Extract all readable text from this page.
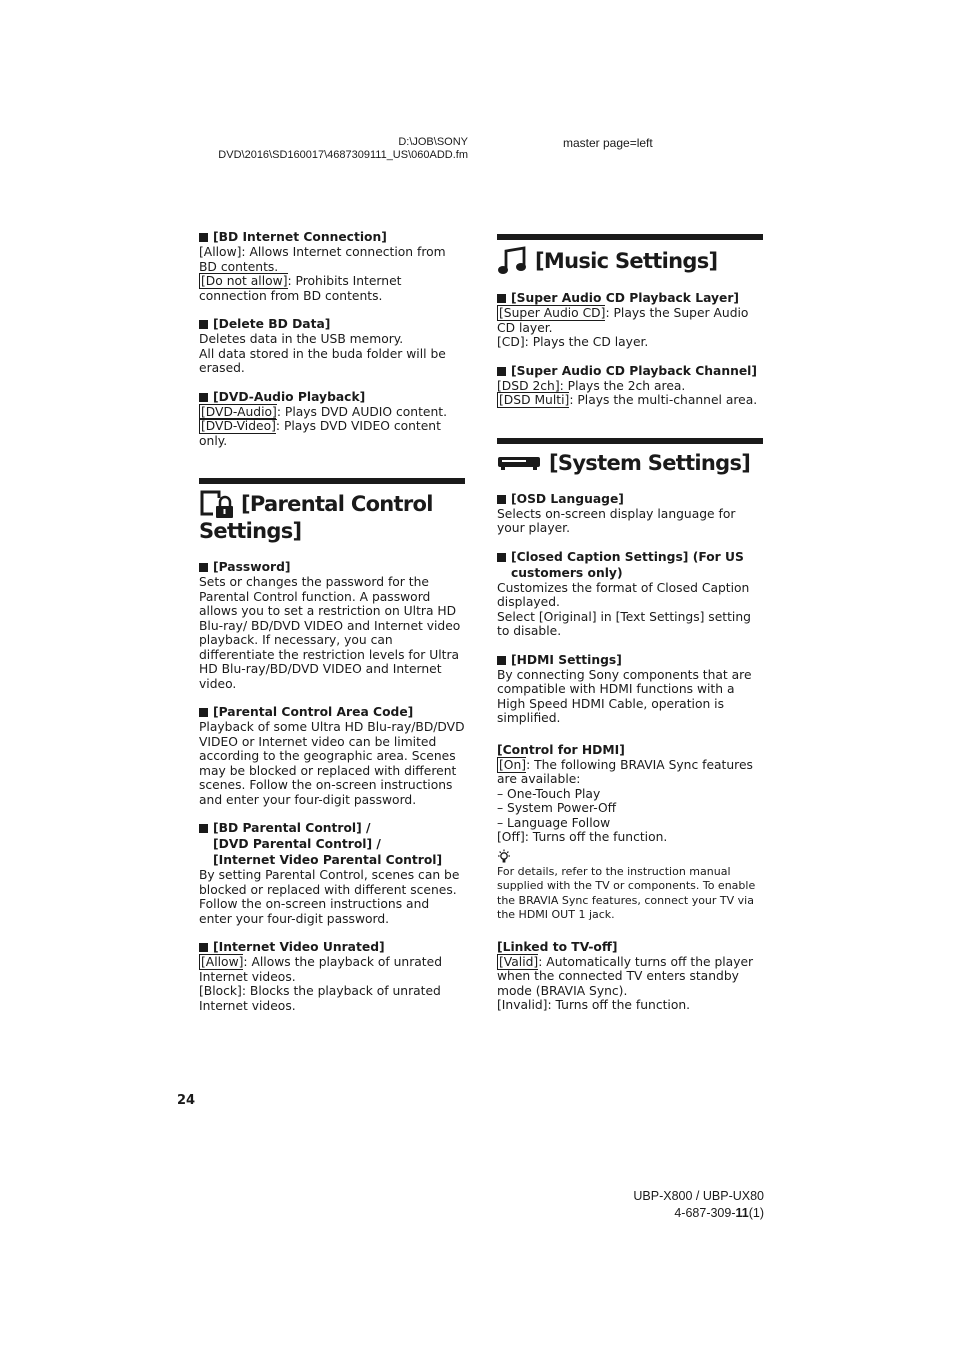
D:\JOB\SONY
DVD\2016\SD160017\4687309111_US\060ADD.fm
master page=left
[BD Internet Connection]
[Allow]: Allows Internet connection from BD contents.
[Do not allow]: Prohibits Internet connection from BD contents.
[Delete BD Data]
Deletes data in the USB memory.
All data stored in the buda folder will be erased.
[DVD-Audio Playback]
[DVD-Audio]: Plays DVD AUDIO content.
[DVD-Video]: Plays DVD VIDEO content only.
[Parental Control
Settings]
[Password]
Sets or changes the password for the Parental Control function. A password allows you to set a restriction on Ultra HD Blu-ray/ BD/DVD VIDEO and Internet video playback. If necessary, you can differentiate the restriction levels for Ultra HD Blu-ray/BD/DVD VIDEO and Internet video.
[Parental Control Area Code]
Playback of some Ultra HD Blu-ray/BD/DVD VIDEO or Internet video can be limited according to the geographic area. Scenes may be blocked or replaced with different scenes. Follow the on-screen instructions and enter your four-digit password.
[BD Parental Control] /
[DVD Parental Control] /
[Internet Video Parental Control]
By setting Parental Control, scenes can be blocked or replaced with different scenes. Follow the on-screen instructions and enter your four-digit password.
[Internet Video Unrated]
[Allow]: Allows the playback of unrated Internet videos.
[Block]: Blocks the playback of unrated Internet videos.
[Music Settings]
[Super Audio CD Playback Layer]
[Super Audio CD]: Plays the Super Audio CD layer.
[CD]: Plays the CD layer.
[Super Audio CD Playback Channel]
[DSD 2ch]: Plays the 2ch area.
[DSD Multi]: Plays the multi-channel area.
[System Settings]
[OSD Language]
Selects on-screen display language for your player.
[Closed Caption Settings] (For US
customers only)
Customizes the format of Closed Caption displayed.
Select [Original] in [Text Settings] setting to disable.
[HDMI Settings]
By connecting Sony components that are compatible with HDMI functions with a High Speed HDMI Cable, operation is simplified.
[Control for HDMI]
[On]: The following BRAVIA Sync features are available:
– One-Touch Play
– System Power-Off
– Language Follow
[Off]: Turns off the function.
For details, refer to the instruction manual supplied with the TV or components. To enable the BRAVIA Sync features, connect your TV via the HDMI OUT 1 jack.
[Linked to TV-off]
[Valid]: Automatically turns off the player when the connected TV enters standby mode (BRAVIA Sync).
[Invalid]: Turns off the function.
24
UBP-X800 / UBP-UX80
4-687-309-11(1)
